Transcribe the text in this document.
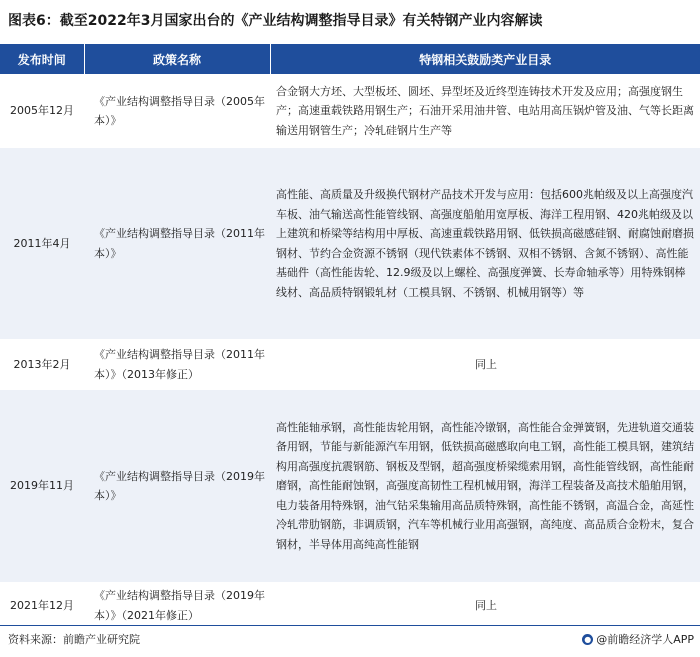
图表6：截至2022年3月国家出台的《产业结构调整指导目录》有关特钢产业内容解读
发布时间	政策名称	特钢相关鼓励类产业目录
2005年12月	《产业结构调整指导目录（2005年本）》	合金钢大方坯、大型板坯、圆坯、异型坯及近终型连铸技术开发及应用；高强度钢生产；高速重载铁路用钢生产；石油开采用油井管、电站用高压锅炉管及油、气等长距离输送用钢管生产；冷轧硅钢片生产等
2011年4月	《产业结构调整指导目录（2011年本）》	高性能、高质量及升级换代钢材产品技术开发与应用：包括600兆帕级及以上高强度汽车板、油气输送高性能管线钢、高强度船舶用宽厚板、海洋工程用钢、420兆帕级及以上建筑和桥梁等结构用中厚板、高速重载铁路用钢、低铁损高磁感硅钢、耐腐蚀耐磨损钢材、节约合金资源不锈钢（现代铁素体不锈钢、双相不锈钢、含氮不锈钢）、高性能基础件（高性能齿轮、12.9级及以上螺栓、高强度弹簧、长寿命轴承等）用特殊钢棒线材、高品质特钢锻轧材（工模具钢、不锈钢、机械用钢等）等
2013年2月	《产业结构调整指导目录（2011年本）》（2013年修正）	同上
2019年11月	《产业结构调整指导目录（2019年本）》	高性能轴承钢，高性能齿轮用钢，高性能冷镦钢，高性能合金弹簧钢，先进轨道交通装备用钢，节能与新能源汽车用钢，低铁损高磁感取向电工钢，高性能工模具钢，建筑结构用高强度抗震钢筋、钢板及型钢，超高强度桥梁缆索用钢，高性能管线钢，高性能耐磨钢，高性能耐蚀钢，高强度高韧性工程机械用钢，海洋工程装备及高技术船舶用钢，电力装备用特殊钢，油气钻采集输用高品质特殊钢，高性能不锈钢，高温合金，高延性冷轧带肋钢筋，非调质钢，汽车等机械行业用高强钢，高纯度、高品质合金粉末，复合钢材，半导体用高纯高性能钢
2021年12月	《产业结构调整指导目录（2019年本）》（2021年修正）	同上
资料来源：前瞻产业研究院	● @前瞻经济学人APP
